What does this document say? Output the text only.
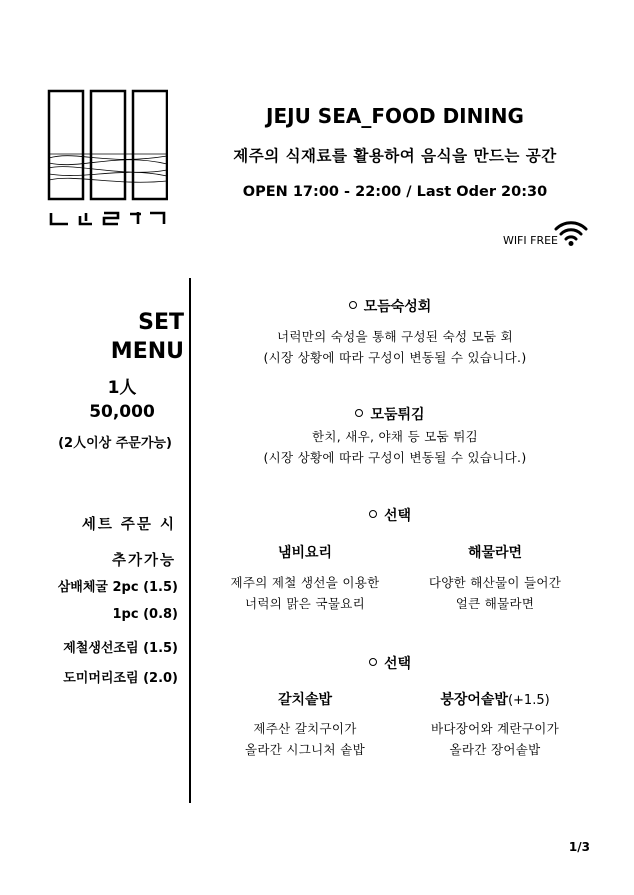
JEJU SEA_FOOD DINING
제주의 식재료를 활용하여 음식을 만드는 공간
OPEN 17:00 - 22:00 / Last Oder 20:30
WIFI FREE
SET
MENU
1人
50,000
(2人이상 주문가능)
세트 주문 시
추가가능
삼배체굴 2pc (1.5)
1pc (0.8)
제철생선조림 (1.5)
도미머리조림 (2.0)
모듬숙성회
너럭만의 숙성을 통해 구성된 숙성 모둠 회
(시장 상황에 따라 구성이 변동될 수 있습니다.)
모둠튀김
한치, 새우, 야채 등 모둠 튀김
(시장 상황에 따라 구성이 변동될 수 있습니다.)
선택
냄비요리	해물라면
제주의 제철 생선을 이용한
너럭의 맑은 국물요리
다양한 해산물이 들어간
얼큰 해물라면
선택
갈치솥밥	붕장어솥밥(+1.5)
제주산 갈치구이가
올라간 시그니처 솥밥
바다장어와 계란구이가
올라간 장어솥밥
1/3
